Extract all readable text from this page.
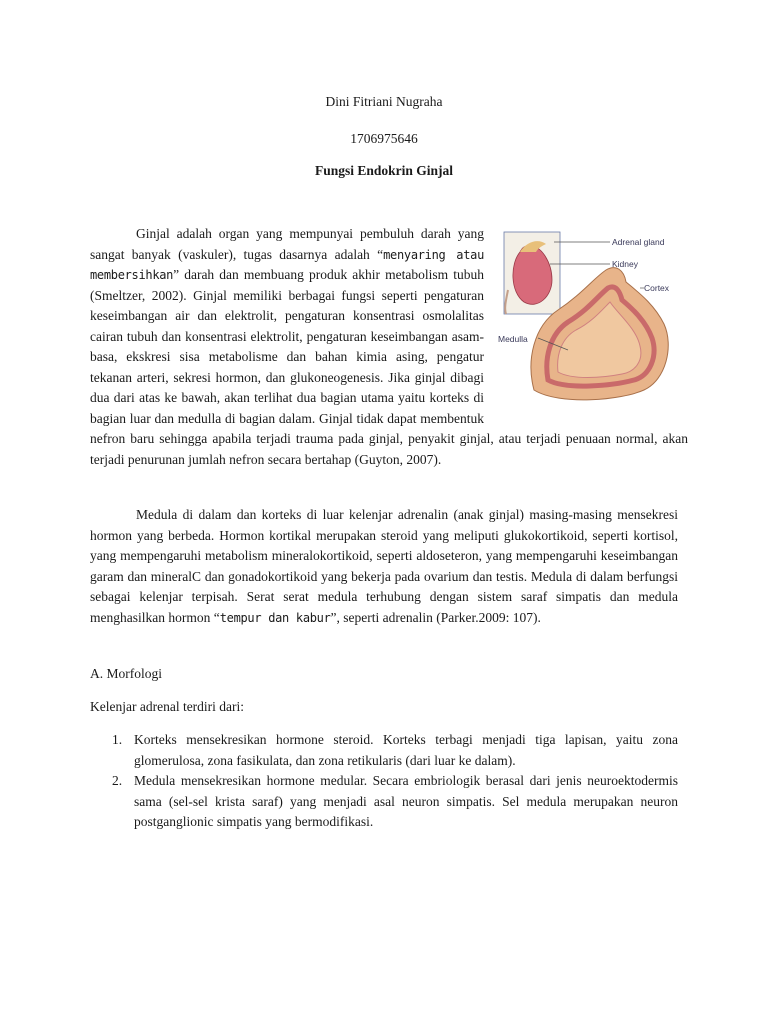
Dini Fitriani Nugraha
1706975646
Fungsi Endokrin Ginjal
Adrenal gland
Kidney
Cortex
Medulla

Ginjal adalah organ yang mempunyai pembuluh darah yang sangat banyak (vaskuler), tugas dasarnya adalah “menyaring atau membersihkan” darah dan membuang produk akhir metabolism tubuh (Smeltzer, 2002). Ginjal memiliki berbagai fungsi seperti pengaturan keseimbangan air dan elektrolit, pengaturan konsentrasi osmolalitas cairan tubuh dan konsentrasi elektrolit, pengaturan keseimbangan asam-basa, ekskresi sisa metabolisme dan bahan kimia asing, pengatur tekanan arteri, sekresi hormon, dan glukoneogenesis. Jika ginjal dibagi dua dari atas ke bawah, akan terlihat dua bagian utama yaitu korteks di bagian luar dan medulla di bagian dalam. Ginjal tidak dapat membentuk nefron baru sehingga apabila terjadi trauma pada ginjal, penyakit ginjal, atau terjadi penuaan normal, akan terjadi penurunan jumlah nefron secara bertahap (Guyton, 2007).

Medula di dalam dan korteks di luar kelenjar adrenalin (anak ginjal) masing-masing mensekresi hormon yang berbeda. Hormon kortikal merupakan steroid yang meliputi glukokortikoid, seperti kortisol, yang mempengaruhi metabolism mineralokortikoid, seperti aldoseteron, yang mempengaruhi keseimbangan garam dan mineralC dan gonadokortikoid yang bekerja pada ovarium dan testis. Medula di dalam berfungsi sebagai kelenjar terpisah. Serat serat medula terhubung dengan sistem saraf simpatis dan medula menghasilkan hormon “tempur dan kabur”, seperti adrenalin (Parker.2009: 107).

A. Morfologi
Kelenjar adrenal terdiri dari:
1. Korteks mensekresikan hormone steroid. Korteks terbagi menjadi tiga lapisan, yaitu zona glomerulosa, zona fasikulata, dan zona retikularis (dari luar ke dalam).
2. Medula mensekresikan hormone medular. Secara embriologik berasal dari jenis neuroektodermis sama (sel-sel krista saraf) yang menjadi asal neuron simpatis. Sel medula merupakan neuron postganglionic simpatis yang bermodifikasi.
